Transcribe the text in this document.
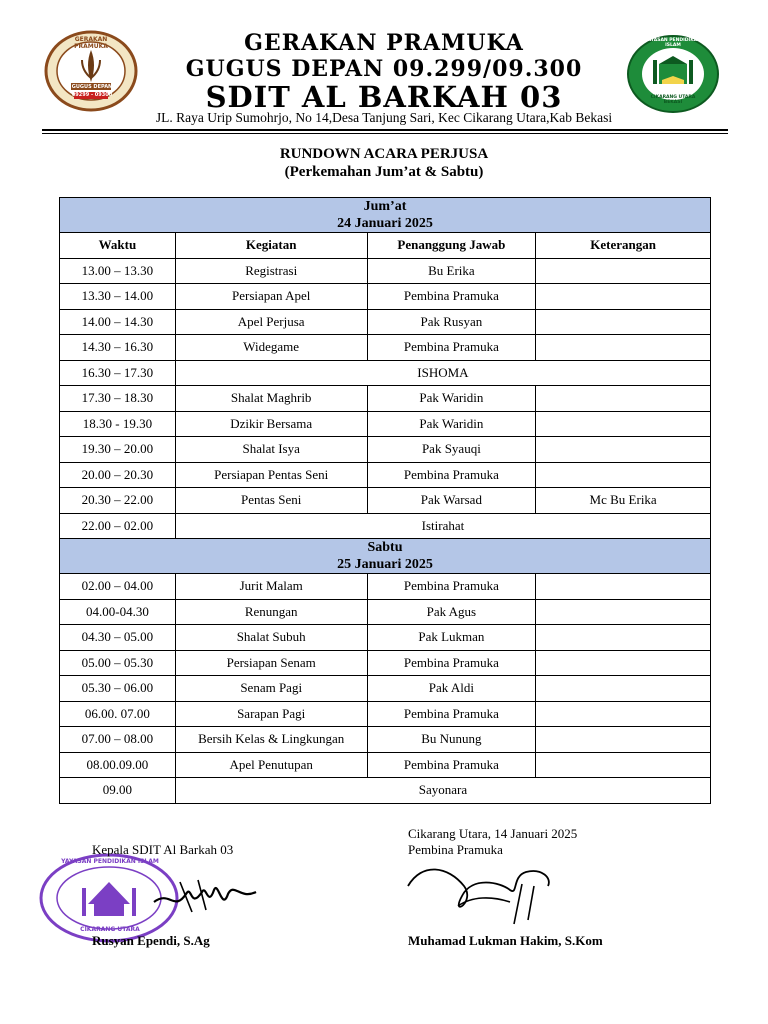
GERAKAN PRAMUKA
GUGUS DEPAN
09299 - 09300
YAYASAN PENDIDIKAN ISLAM
CIKARANG UTARA BEKASI
GERAKAN PRAMUKA
GUGUS DEPAN 09.299/09.300
SDIT AL BARKAH 03
JL. Raya Urip Sumohrjo, No 14,Desa Tanjung Sari, Kec Cikarang Utara,Kab Bekasi
RUNDOWN ACARA PERJUSA
(Perkemahan Jum’at & Sabtu)
Jum’at
24 Januari 2025			

Waktu	Kegiatan	Penanggung Jawab	Keterangan
13.00 – 13.30	Registrasi	Bu Erika	
13.30 – 14.00	Persiapan Apel	Pembina Pramuka	
14.00 – 14.30	Apel Perjusa	Pak Rusyan	
14.30 – 16.30	Widegame	Pembina Pramuka	
16.30 – 17.30	ISHOMA		
17.30 – 18.30	Shalat Maghrib	Pak Waridin	
18.30 - 19.30	Dzikir Bersama	Pak Waridin	
19.30 – 20.00	Shalat Isya	Pak Syauqi	
20.00 – 20.30	Persiapan Pentas Seni	Pembina Pramuka	
20.30 – 22.00	Pentas Seni	Pak Warsad	Mc Bu Erika
22.00 – 02.00	Istirahat		

Sabtu
25 Januari 2025			

02.00 – 04.00	Jurit Malam	Pembina Pramuka	
04.00-04.30	Renungan	Pak Agus	
04.30 – 05.00	Shalat Subuh	Pak Lukman	
05.00 – 05.30	Persiapan Senam	Pembina Pramuka	
05.30 – 06.00	Senam Pagi	Pak Aldi	
06.00. 07.00	Sarapan Pagi	Pembina Pramuka	
07.00 – 08.00	Bersih Kelas & Lingkungan	Bu Nunung	
08.00.09.00	Apel Penutupan	Pembina Pramuka	
09.00	Sayonara		
YAYASAN PENDIDIKAN ISLAM
CIKARANG UTARA
Kepala SDIT Al Barkah 03
Cikarang Utara, 14 Januari 2025
Pembina Pramuka
Rusyan Ependi, S.Ag	Muhamad Lukman Hakim, S.Kom
